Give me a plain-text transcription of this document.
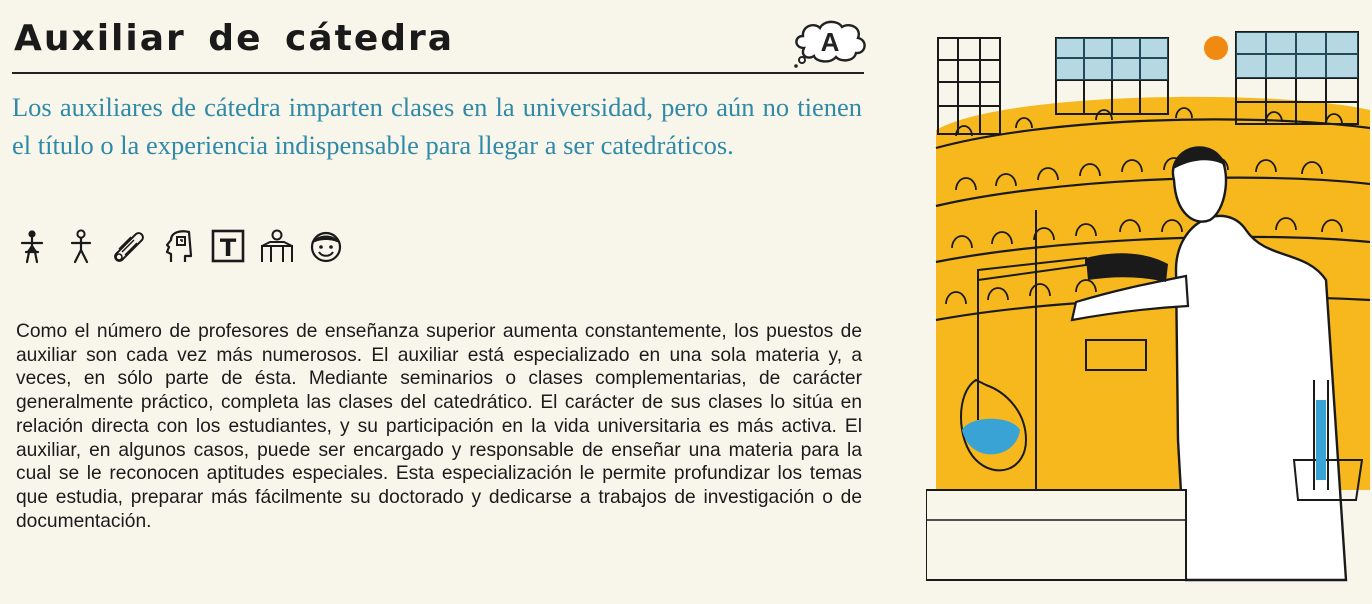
Auxiliar de cátedra	A

Los auxiliares de cátedra imparten clases en la universidad, pero aún no tienen el título o la experiencia indispensable para llegar a ser catedráticos.

T

Como el número de profesores de enseñanza superior aumenta constantemente, los puestos de auxiliar son cada vez más numerosos. El auxiliar está especializado en una sola materia y, a veces, en sólo parte de ésta. Mediante seminarios o clases complementarias, de carácter generalmente práctico, completa las clases del catedrático. El carácter de sus clases lo sitúa en relación directa con los estudiantes, y su participación en la vida universitaria es más activa. El auxiliar, en algunos casos, puede ser encargado y responsable de enseñar una materia para la cual se le reconocen aptitudes especiales. Esta especialización le permite profundizar los temas que estudia, preparar más fácilmente su doctorado y dedicarse a trabajos de investigación o de documentación.
